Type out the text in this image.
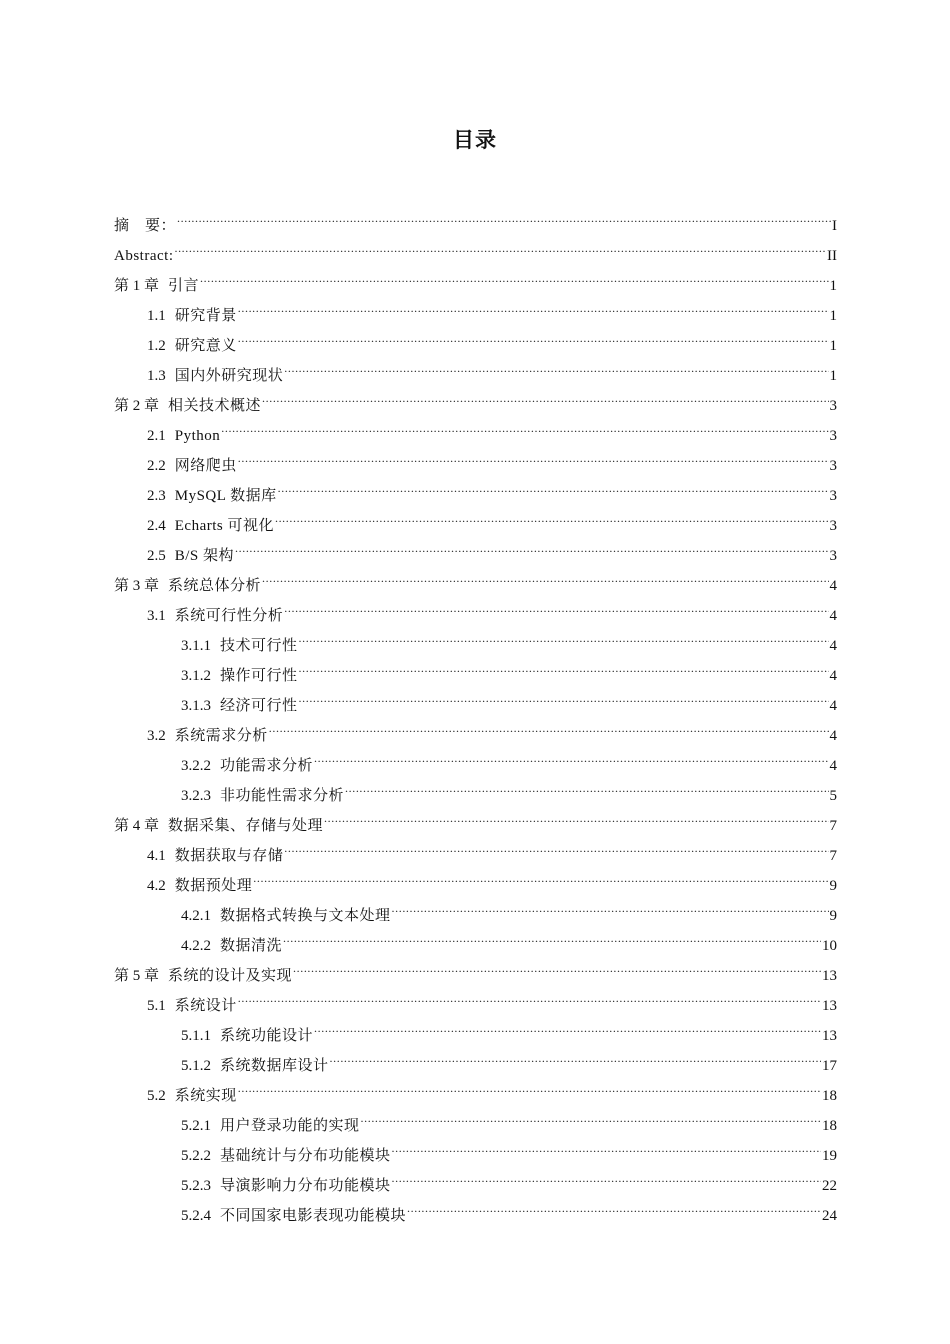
目录
摘　要： .....	I
Abstract: .....	II
第 1 章 引言 .....	1
1.1 研究背景 .....	1
1.2 研究意义 .....	1
1.3 国内外研究现状 .....	1
第 2 章 相关技术概述 .....	3
2.1 Python .....	3
2.2 网络爬虫 .....	3
2.3 MySQL 数据库 .....	3
2.4 Echarts 可视化 .....	3
2.5 B/S 架构 .....	3
第 3 章 系统总体分析 .....	4
3.1 系统可行性分析 .....	4
3.1.1 技术可行性 .....	4
3.1.2 操作可行性 .....	4
3.1.3 经济可行性 .....	4
3.2 系统需求分析 .....	4
3.2.2 功能需求分析 .....	4
3.2.3 非功能性需求分析 .....	5
第 4 章 数据采集、存储与处理 .....	7
4.1 数据获取与存储 .....	7
4.2 数据预处理 .....	9
4.2.1 数据格式转换与文本处理 .....	9
4.2.2 数据清洗 .....	10
第 5 章 系统的设计及实现 .....	13
5.1 系统设计 .....	13
5.1.1 系统功能设计 .....	13
5.1.2 系统数据库设计 .....	17
5.2 系统实现 .....	18
5.2.1 用户登录功能的实现 .....	18
5.2.2 基础统计与分布功能模块 .....	19
5.2.3 导演影响力分布功能模块 .....	22
5.2.4 不同国家电影表现功能模块 .....	24
